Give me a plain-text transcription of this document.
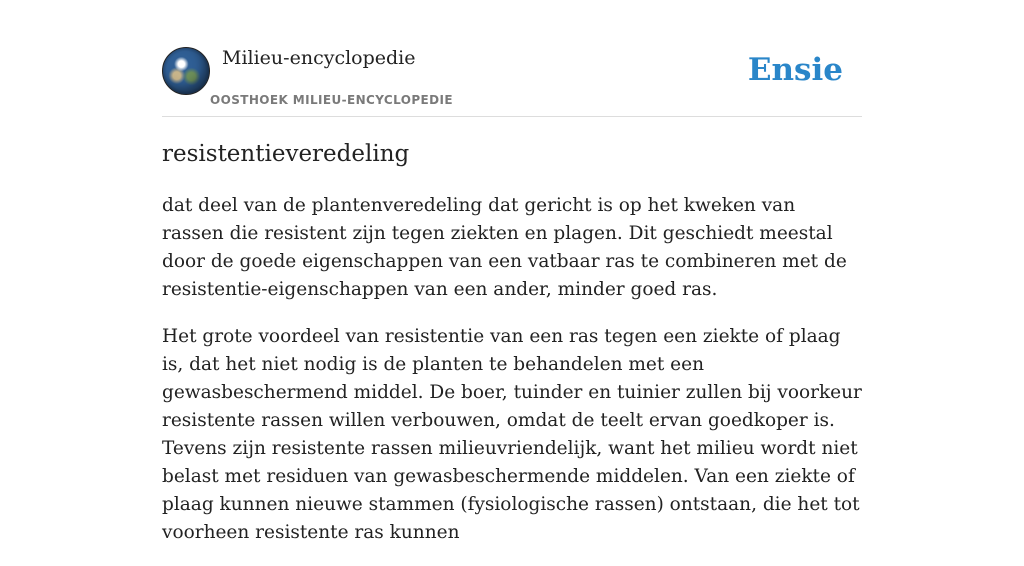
Milieu-encyclopedie
OOSTHOEK MILIEU-ENCYCLOPEDIE
Ensie
resistentieveredeling

dat deel van de plantenveredeling dat gericht is op het kweken van rassen die resistent zijn tegen ziekten en plagen. Dit geschiedt meestal door de goede eigenschappen van een vatbaar ras te combineren met de resistentie-eigenschappen van een ander, minder goed ras.

Het grote voordeel van resistentie van een ras tegen een ziekte of plaag is, dat het niet nodig is de planten te behandelen met een gewasbeschermend middel. De boer, tuinder en tuinier zullen bij voorkeur resistente rassen willen verbouwen, omdat de teelt ervan goedkoper is. Tevens zijn resistente rassen milieuvriendelijk, want het milieu wordt niet belast met residuen van gewasbeschermende middelen. Van een ziekte of plaag kunnen nieuwe stammen (fysiologische rassen) ontstaan, die het tot voorheen resistente ras kunnen
